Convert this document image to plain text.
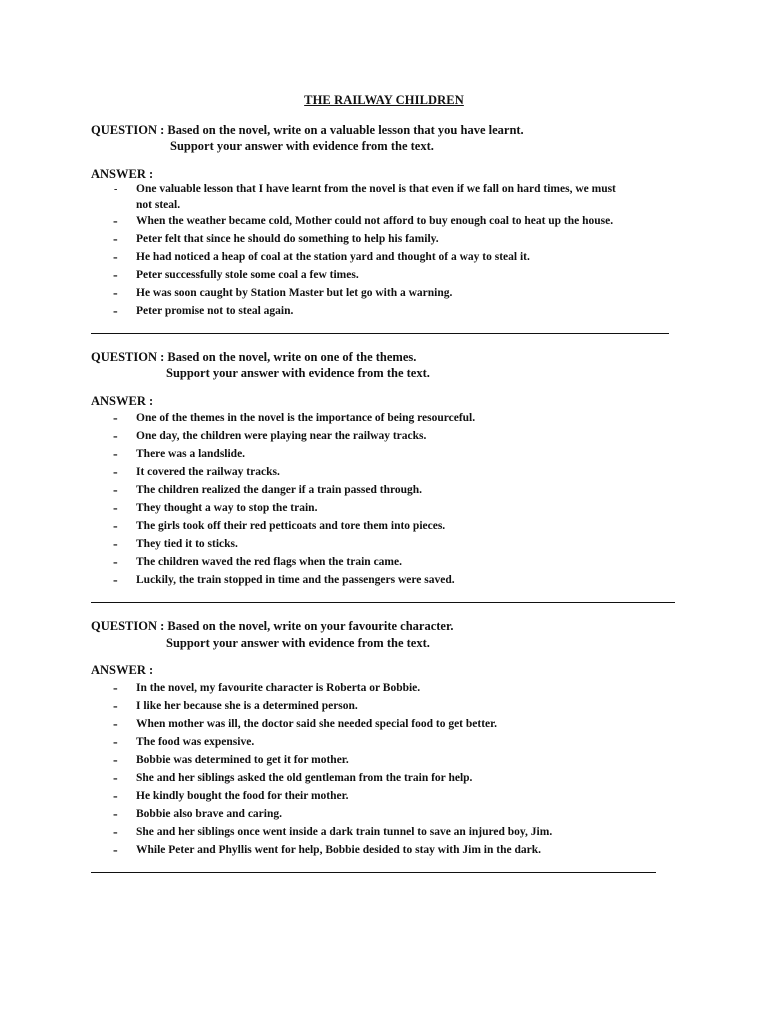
THE RAILWAY CHILDREN
QUESTION : Based on the novel, write on a valuable lesson that you have learnt.
Support your answer with evidence from the text.
ANSWER :
- One valuable lesson that I have learnt from the novel is that even if we fall on hard times, we must
not steal.
- When the weather became cold, Mother could not afford to buy enough coal to heat up the house.
- Peter felt that since he should do something to help his family.
- He had noticed a heap of coal at the station yard and thought of a way to steal it.
- Peter successfully stole some coal a few times.
- He was soon caught by Station Master but let go with a warning.
- Peter promise not to steal again.
QUESTION : Based on the novel, write on one of the themes.
Support your answer with evidence from the text.
ANSWER :
- One of the themes in the novel is the importance of being resourceful.
- One day, the children were playing near the railway tracks.
- There was a landslide.
- It covered the railway tracks.
- The children realized the danger if a train passed through.
- They thought a way to stop the train.
- The girls took off their red petticoats and tore them into pieces.
- They tied it to sticks.
- The children waved the red flags when the train came.
- Luckily, the train stopped in time and the passengers were saved.
QUESTION : Based on the novel, write on your favourite character.
Support your answer with evidence from the text.
ANSWER :
- In the novel, my favourite character is Roberta or Bobbie.
- I like her because she is a determined person.
- When mother was ill, the doctor said she needed special food to get better.
- The food was expensive.
- Bobbie was determined to get it for mother.
- She and her siblings asked the old gentleman from the train for help.
- He kindly bought the food for their mother.
- Bobbie also brave and caring.
- She and her siblings once went inside a dark train tunnel to save an injured boy, Jim.
- While Peter and Phyllis went for help, Bobbie desided to stay with Jim in the dark.
